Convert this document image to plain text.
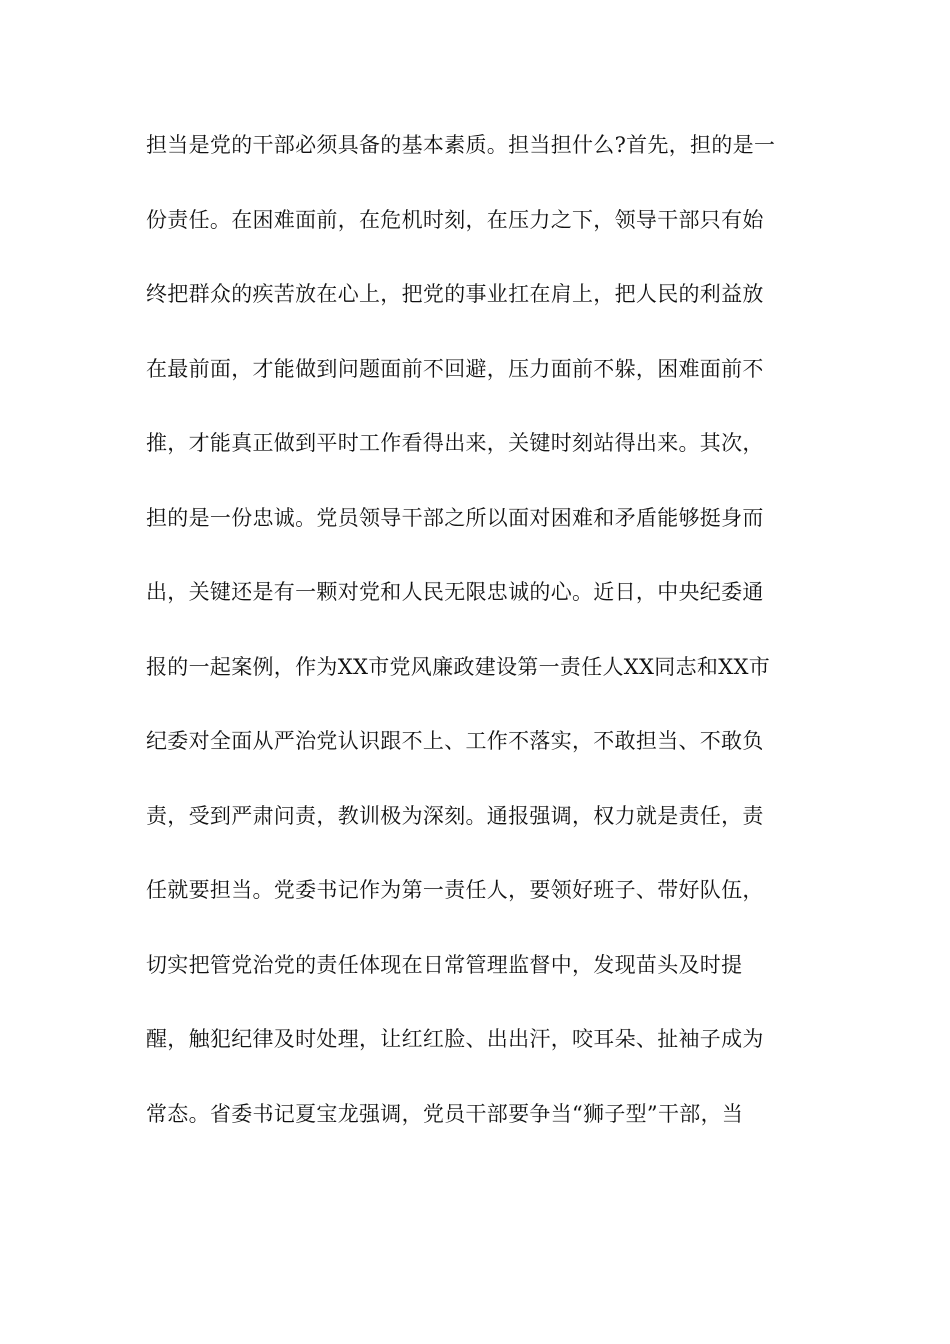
担当是党的干部必须具备的基本素质。担当担什么?首先，担的是一
份责任。在困难面前，在危机时刻，在压力之下，领导干部只有始
终把群众的疾苦放在心上，把党的事业扛在肩上，把人民的利益放
在最前面，才能做到问题面前不回避，压力面前不躲，困难面前不
推，才能真正做到平时工作看得出来，关键时刻站得出来。其次，
担的是一份忠诚。党员领导干部之所以面对困难和矛盾能够挺身而
出，关键还是有一颗对党和人民无限忠诚的心。近日，中央纪委通
报的一起案例，作为XX市党风廉政建设第一责任人XX同志和XX市
纪委对全面从严治党认识跟不上、工作不落实，不敢担当、不敢负
责，受到严肃问责，教训极为深刻。通报强调，权力就是责任，责
任就要担当。党委书记作为第一责任人，要领好班子、带好队伍，
切实把管党治党的责任体现在日常管理监督中，发现苗头及时提
醒，触犯纪律及时处理，让红红脸、出出汗，咬耳朵、扯袖子成为
常态。省委书记夏宝龙强调，党员干部要争当“狮子型”干部，当
